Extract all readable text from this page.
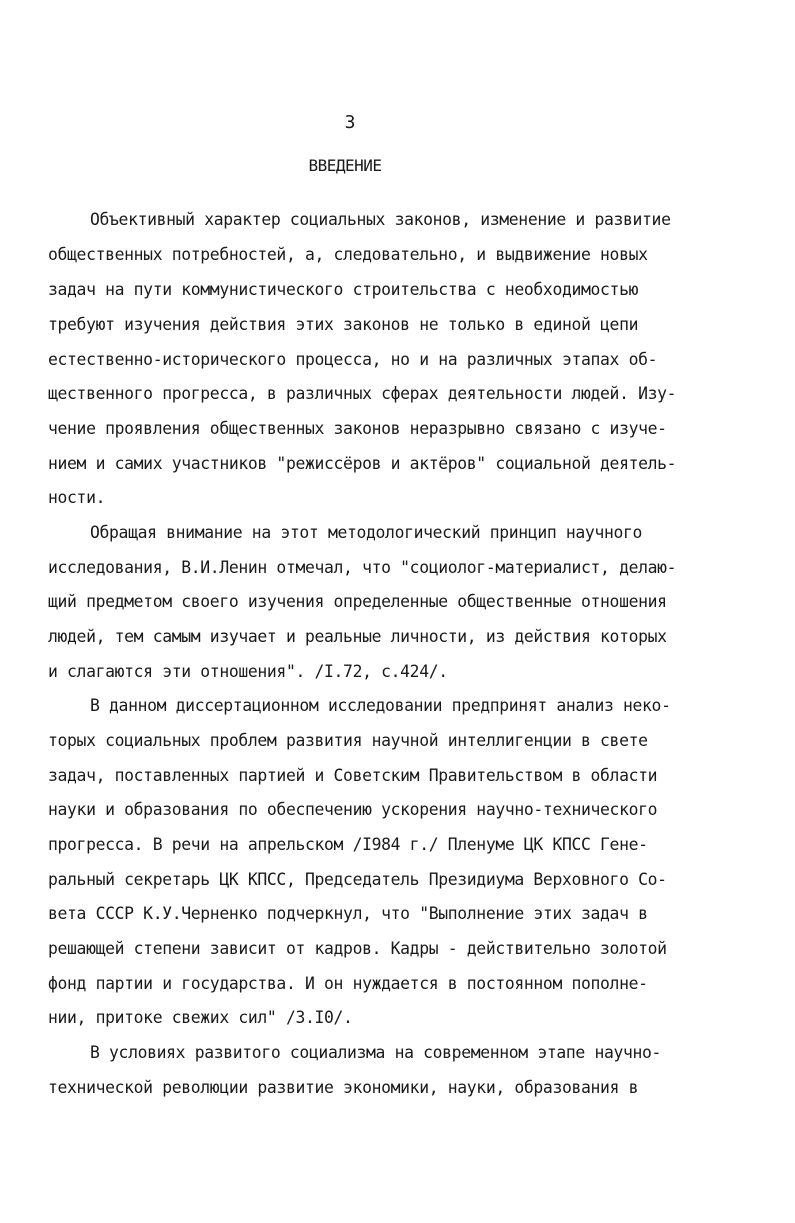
3
ВВЕДЕНИЕ
Объективный характер социальных законов, изменение и развитие
общественных потребностей, а, следовательно, и выдвижение новых
задач на пути коммунистического строительства с необходимостью
требуют изучения действия этих законов не только в единой цепи
естественно-исторического процесса, но и на различных этапах об-
щественного прогресса, в различных сферах деятельности людей. Изу-
чение проявления общественных законов неразрывно связано с изуче-
нием и самих участников "режиссёров и актёров" социальной деятель-
ности.
Обращая внимание на этот методологический принцип научного
исследования, В.И.Ленин отмечал, что "социолог-материалист, делаю-
щий предметом своего изучения определенные общественные отношения
людей, тем самым изучает и реальные личности, из действия которых
и слагаются эти отношения". /I.72, с.424/.
В данном диссертационном исследовании предпринят анализ неко-
торых социальных проблем развития научной интеллигенции в свете
задач, поставленных партией и Советским Правительством в области
науки и образования по обеспечению ускорения научно-технического
прогресса. В речи на апрельском /I984 г./ Пленуме ЦК КПСС Гене-
ральный секретарь ЦК КПСС, Председатель Президиума Верховного Со-
вета СССР К.У.Черненко подчеркнул, что "Выполнение этих задач в
решающей степени зависит от кадров. Кадры - действительно золотой
фонд партии и государства. И он нуждается в постоянном пополне-
нии, притоке свежих сил" /3.I0/.
В условиях развитого социализма на современном этапе научно-
технической революции развитие экономики, науки, образования в
